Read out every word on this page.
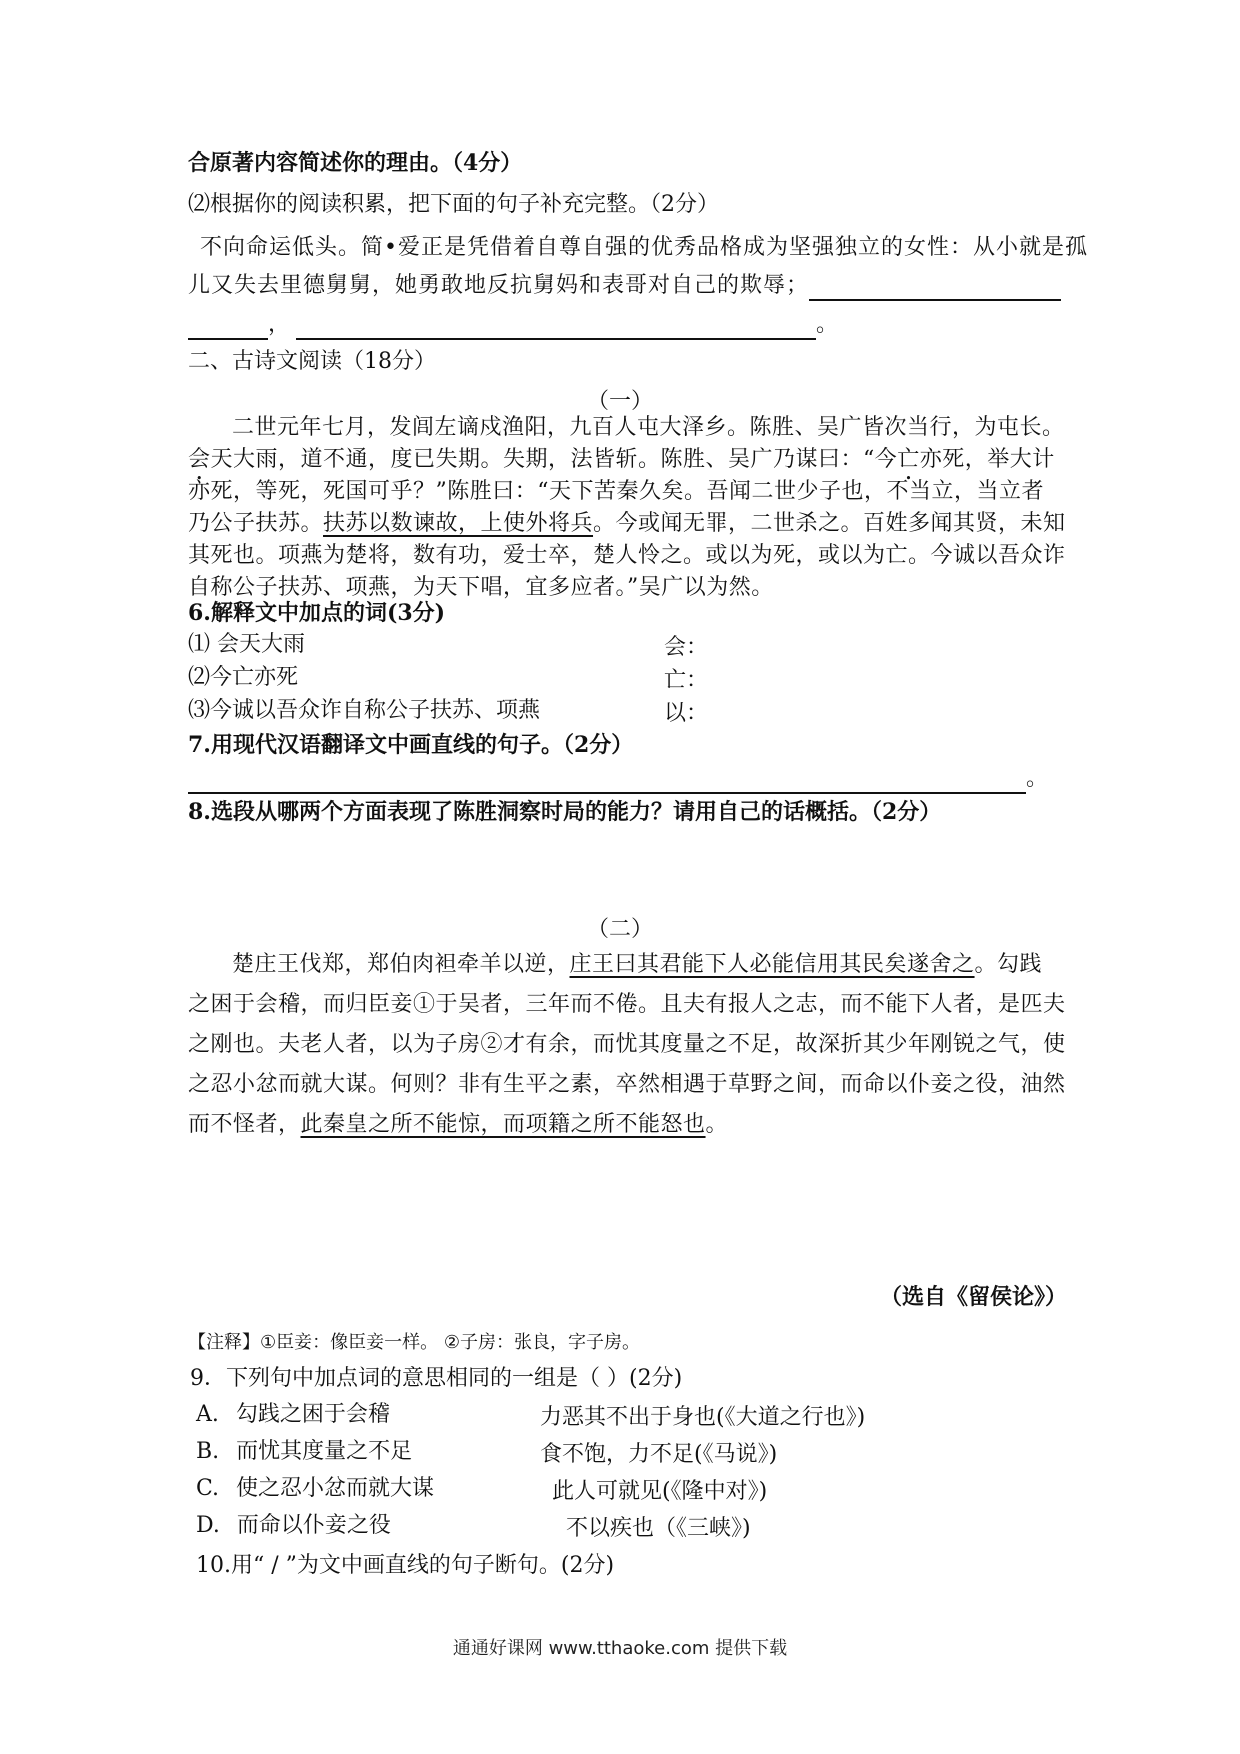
合原著内容简述你的理由。（4分）
⑵根据你的阅读积累，把下面的句子补充完整。（2分）
不向命运低头。简•爱正是凭借着自尊自强的优秀品格成为坚强独立的女性：从小就是孤
儿又失去里德舅舅，她勇敢地反抗舅妈和表哥对自己的欺辱；
，	。
二、古诗文阅读（18分）
（一）
二世元年七月，发闾左谪戍渔阳，九百人屯大泽乡。陈胜、吴广皆次当行，为屯长。
会天大雨，道不通，度已失期。失期，法皆斩。陈胜、吴广乃谋曰：“今亡亦死，举大计
亦死，等死，死国可乎？”陈胜曰：“天下苦秦久矣。吾闻二世少子也，不当立，当立者
乃公子扶苏。扶苏以数谏故，上使外将兵。今或闻无罪，二世杀之。百姓多闻其贤，未知
其死也。项燕为楚将，数有功，爱士卒，楚人怜之。或以为死，或以为亡。今诚以吾众诈
自称公子扶苏、项燕，为天下唱，宜多应者。”吴广以为然。
6.解释文中加点的词(3分)
⑴ 会天大雨	会：
⑵今亡亦死	亡：
⑶今诚以吾众诈自称公子扶苏、项燕	以：
7.用现代汉语翻译文中画直线的句子。（2分）
。
8.选段从哪两个方面表现了陈胜洞察时局的能力？请用自己的话概括。（2分）
（二）
楚庄王伐郑，郑伯肉袒牵羊以逆，庄王曰其君能下人必能信用其民矣遂舍之。勾践
之困于会稽，而归臣妾①于吴者，三年而不倦。且夫有报人之志，而不能下人者，是匹夫
之刚也。夫老人者，以为子房②才有余，而忧其度量之不足，故深折其少年刚锐之气，使
之忍小忿而就大谋。何则？非有生平之素，卒然相遇于草野之间，而命以仆妾之役，油然
而不怪者，此秦皇之所不能惊，而项籍之所不能怒也。
（选自《留侯论》）
【注释】①臣妾：像臣妾一样。 ②子房：张良，字子房。
9．下列句中加点词的意思相同的一组是（ ）(2分)
A. 勾践之困于会稽	力恶其不出于身也(《大道之行也》)
B. 而忧其度量之不足	食不饱，力不足(《马说》)
C. 使之忍小忿而就大谋	此人可就见(《隆中对》)
D. 而命以仆妾之役	不以疾也（《三峡》)
10.用“ / ”为文中画直线的句子断句。(2分)
通通好课网 www.tthaoke.com 提供下载
